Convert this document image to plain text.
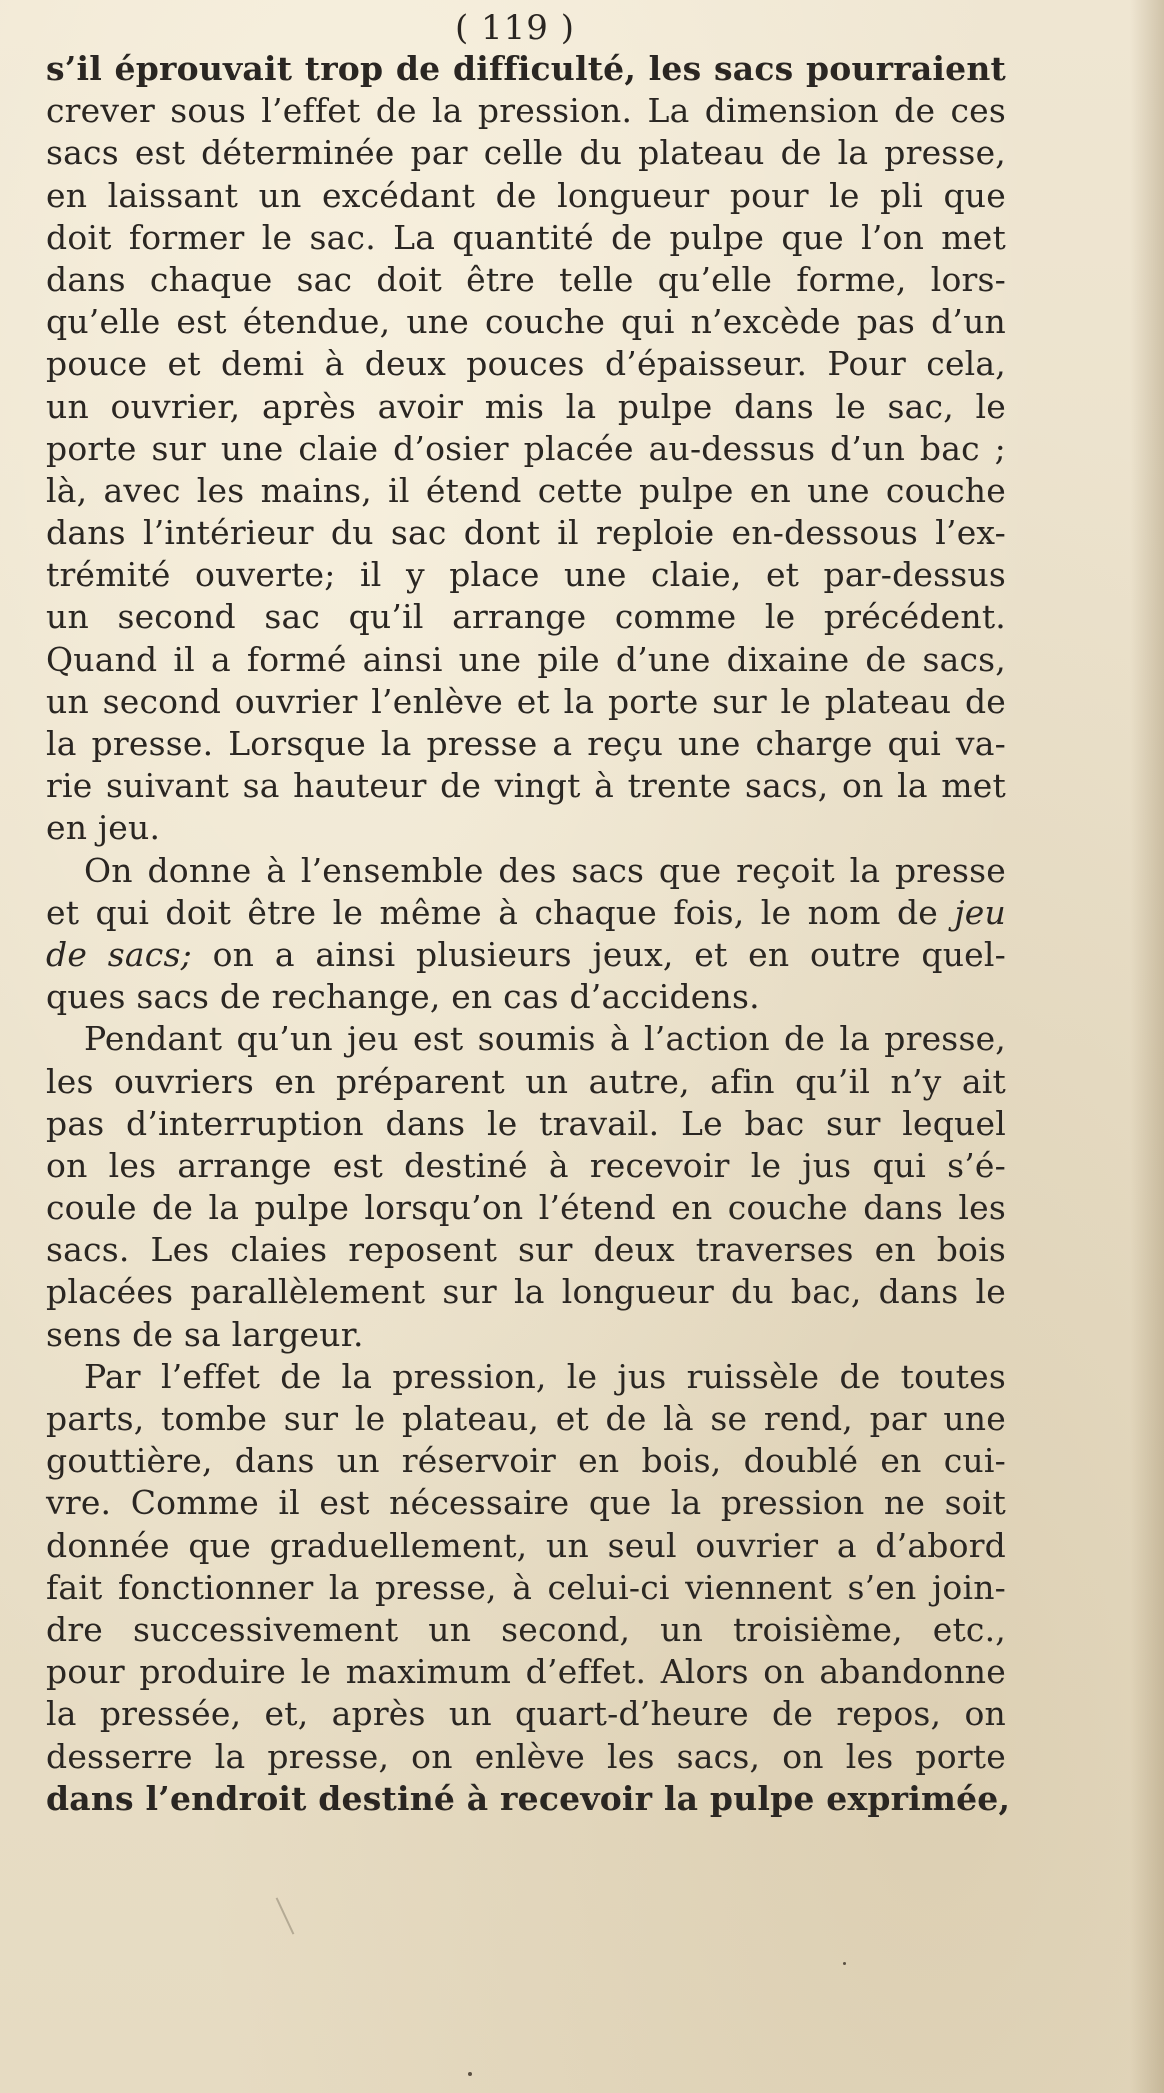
( 119 )
s’il éprouvait trop de difficulté, les sacs pourraient
crever sous l’effet de la pression. La dimension de ces
sacs est déterminée par celle du plateau de la presse,
en laissant un excédant de longueur pour le pli que
doit former le sac. La quantité de pulpe que l’on met
dans chaque sac doit être telle qu’elle forme, lors-
qu’elle est étendue, une couche qui n’excède pas d’un
pouce et demi à deux pouces d’épaisseur. Pour cela,
un ouvrier, après avoir mis la pulpe dans le sac, le
porte sur une claie d’osier placée au-dessus d’un bac ;
là, avec les mains, il étend cette pulpe en une couche
dans l’intérieur du sac dont il reploie en-dessous l’ex-
trémité ouverte; il y place une claie, et par-dessus
un second sac qu’il arrange comme le précédent.
Quand il a formé ainsi une pile d’une dixaine de sacs,
un second ouvrier l’enlève et la porte sur le plateau de
la presse. Lorsque la presse a reçu une charge qui va-
rie suivant sa hauteur de vingt à trente sacs, on la met
en jeu.
On donne à l’ensemble des sacs que reçoit la presse
et qui doit être le même à chaque fois, le nom de jeu
de sacs; on a ainsi plusieurs jeux, et en outre quel-
ques sacs de rechange, en cas d’accidens.
Pendant qu’un jeu est soumis à l’action de la presse,
les ouvriers en préparent un autre, afin qu’il n’y ait
pas d’interruption dans le travail. Le bac sur lequel
on les arrange est destiné à recevoir le jus qui s’é-
coule de la pulpe lorsqu’on l’étend en couche dans les
sacs. Les claies reposent sur deux traverses en bois
placées parallèlement sur la longueur du bac, dans le
sens de sa largeur.
Par l’effet de la pression, le jus ruissèle de toutes
parts, tombe sur le plateau, et de là se rend, par une
gouttière, dans un réservoir en bois, doublé en cui-
vre. Comme il est nécessaire que la pression ne soit
donnée que graduellement, un seul ouvrier a d’abord
fait fonctionner la presse, à celui-ci viennent s’en join-
dre successivement un second, un troisième, etc.,
pour produire le maximum d’effet. Alors on abandonne
la pressée, et, après un quart-d’heure de repos, on
desserre la presse, on enlève les sacs, on les porte
dans l’endroit destiné à recevoir la pulpe exprimée,
